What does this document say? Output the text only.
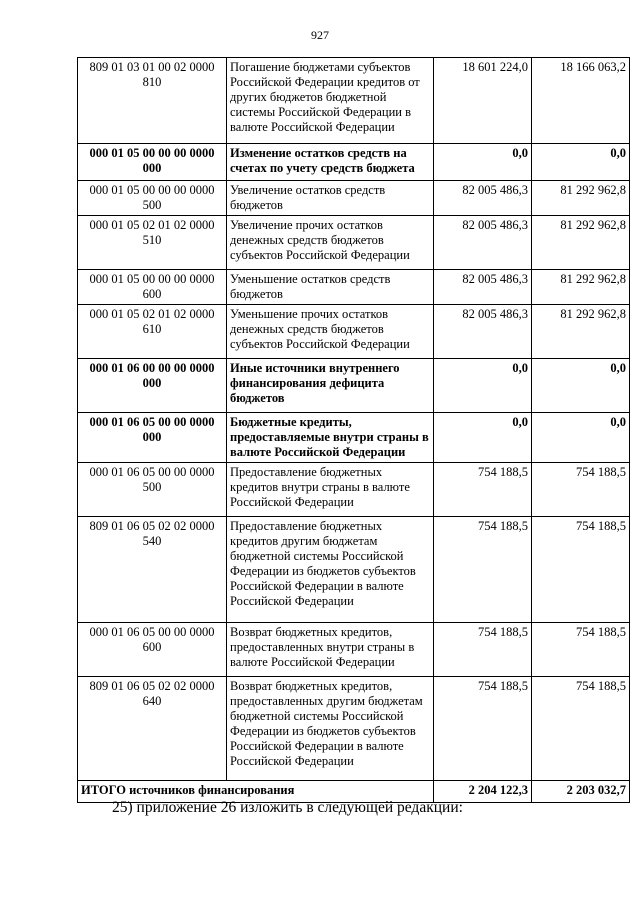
927
809 01 03 01 00 02 0000 810	Погашение бюджетами субъектов Российской Федерации кредитов от других бюджетов бюджетной системы Российской Федерации в валюте Российской Федерации	18 601 224,0	18 166 063,2
000 01 05 00 00 00 0000 000	Изменение остатков средств на счетах по учету средств бюджета	0,0	0,0
000 01 05 00 00 00 0000 500	Увеличение остатков средств бюджетов	82 005 486,3	81 292 962,8
000 01 05 02 01 02 0000 510	Увеличение прочих остатков денежных средств бюджетов субъектов Российской Федерации	82 005 486,3	81 292 962,8
000 01 05 00 00 00 0000 600	Уменьшение остатков средств бюджетов	82 005 486,3	81 292 962,8
000 01 05 02 01 02 0000 610	Уменьшение прочих остатков денежных средств бюджетов субъектов Российской Федерации	82 005 486,3	81 292 962,8
000 01 06 00 00 00 0000 000	Иные источники внутреннего финансирования дефицита бюджетов	0,0	0,0
000 01 06 05 00 00 0000 000	Бюджетные кредиты, предоставляемые внутри страны в валюте Российской Федерации	0,0	0,0
000 01 06 05 00 00 0000 500	Предоставление бюджетных кредитов внутри страны в валюте Российской Федерации	754 188,5	754 188,5
809 01 06 05 02 02 0000 540	Предоставление бюджетных кредитов другим бюджетам бюджетной системы Российской Федерации из бюджетов субъектов Российской Федерации в валюте Российской Федерации	754 188,5	754 188,5
000 01 06 05 00 00 0000 600	Возврат бюджетных кредитов, предоставленных внутри страны в валюте Российской Федерации	754 188,5	754 188,5
809 01 06 05 02 02 0000 640	Возврат бюджетных кредитов, предоставленных другим бюджетам бюджетной системы Российской Федерации из бюджетов субъектов Российской Федерации в валюте Российской Федерации	754 188,5	754 188,5
ИТОГО источников финансирования		2 204 122,3	2 203 032,7
25) приложение 26 изложить в следующей редакции:
